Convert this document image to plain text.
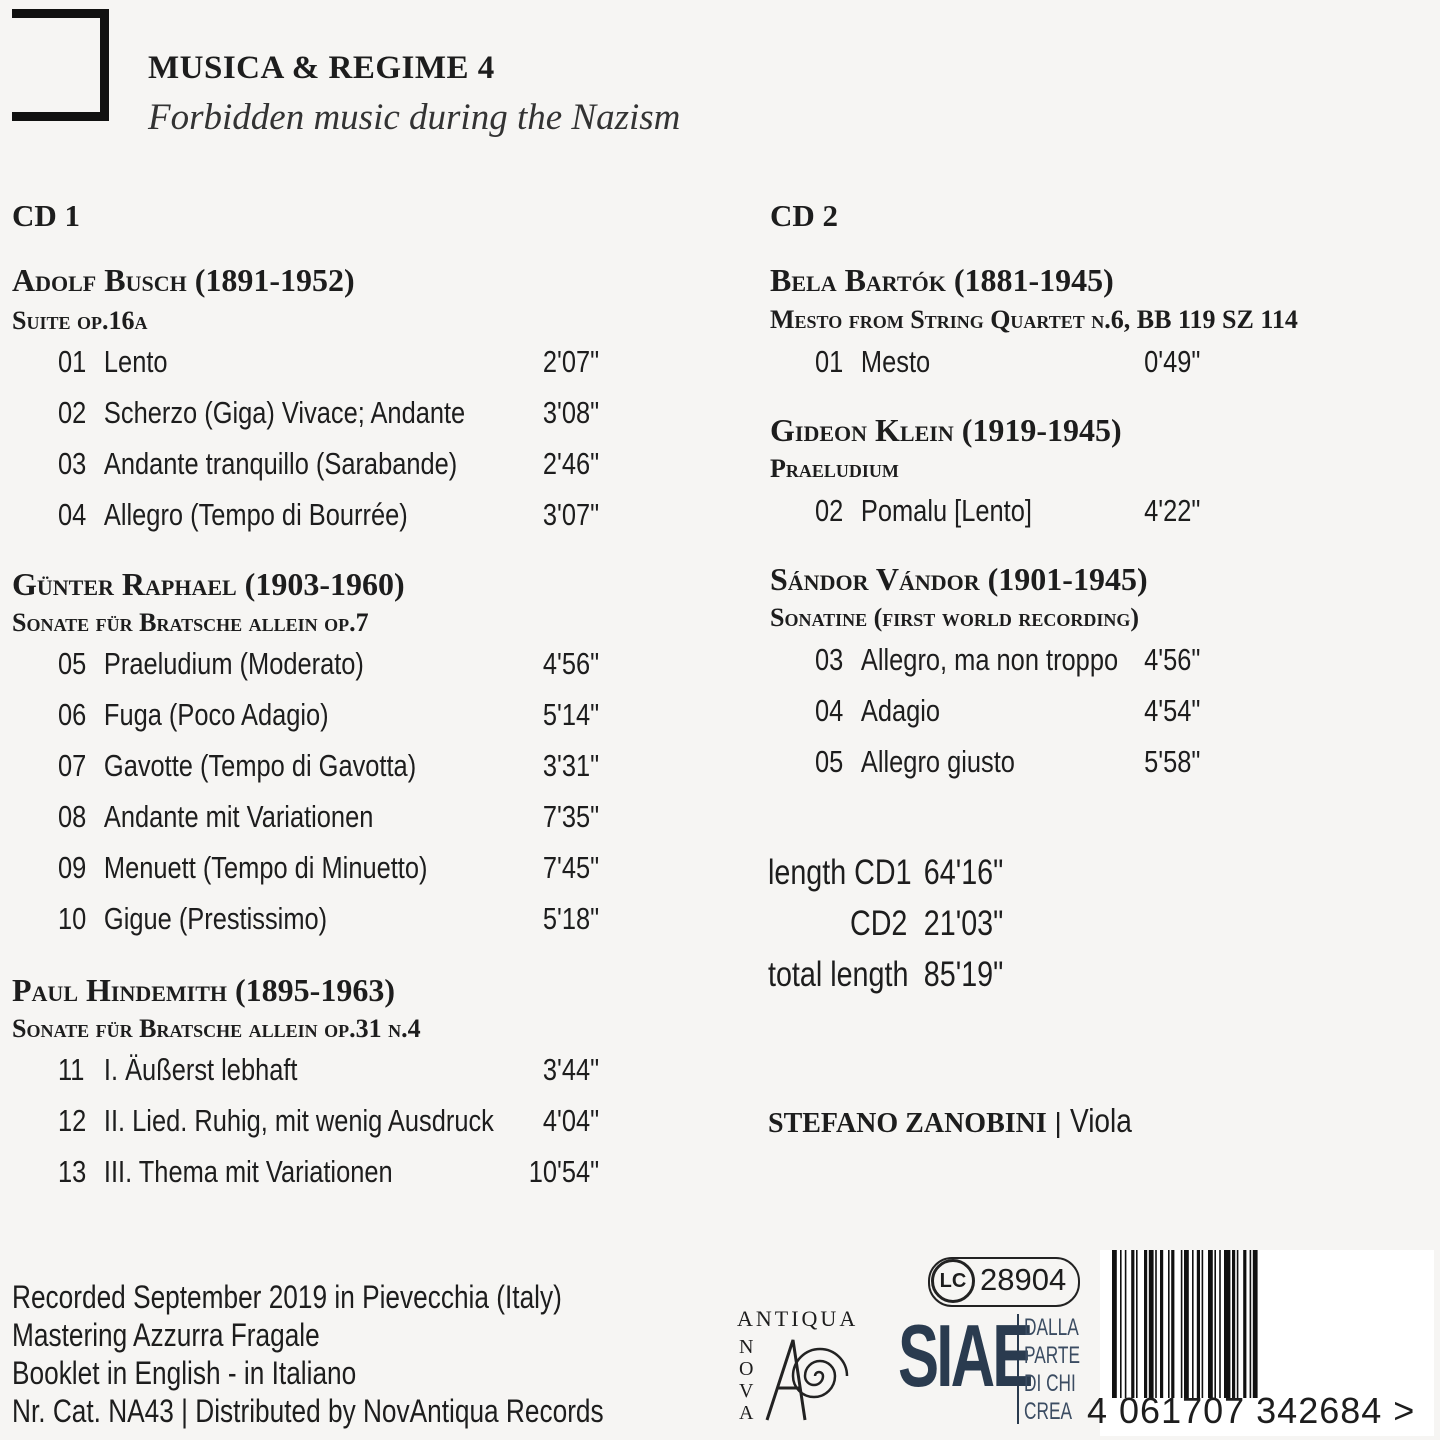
MUSICA & REGIME 4
Forbidden music during the Nazism
CD 1
Adolf Busch (1891-1952)
Suite op.16a
01 Lento	2'07"
02 Scherzo (Giga) Vivace; Andante	3'08"
03 Andante tranquillo (Sarabande)	2'46"
04 Allegro (Tempo di Bourrée)	3'07"
Günter Raphael (1903-1960)
Sonate für Bratsche allein op.7
05 Praeludium (Moderato)	4'56"
06 Fuga (Poco Adagio)	5'14"
07 Gavotte (Tempo di Gavotta)	3'31"
08 Andante mit Variationen	7'35"
09 Menuett (Tempo di Minuetto)	7'45"
10 Gigue (Prestissimo)	5'18"
Paul Hindemith (1895-1963)
Sonate für Bratsche allein op.31 n.4
11 I. Äußerst lebhaft	3'44"
12 II. Lied. Ruhig, mit wenig Ausdruck	4'04"
13 III. Thema mit Variationen	10'54"
CD 2
Bela Bartók (1881-1945)
Mesto from String Quartet n.6, BB 119 SZ 114
01 Mesto	0'49"
Gideon Klein (1919-1945)
Praeludium
02 Pomalu [Lento]	4'22"
Sándor Vándor (1901-1945)
Sonatine (first world recording)
03 Allegro, ma non troppo 4'56"
04 Adagio	4'54"
05 Allegro giusto	5'58"
length CD1 64'16"
CD2 21'03"
total length 85'19"
STEFANO ZANOBINI | Viola
Recorded September 2019 in Pievecchia (Italy)
Mastering Azzurra Fragale
Booklet in English - in Italiano
Nr. Cat. NA43 | Distributed by NovAntiqua Records
ANTIQUA
NOVA
LC 28904
SIAE
DALLA
PARTE
DI CHI
CREA 4 061707 342684 >
